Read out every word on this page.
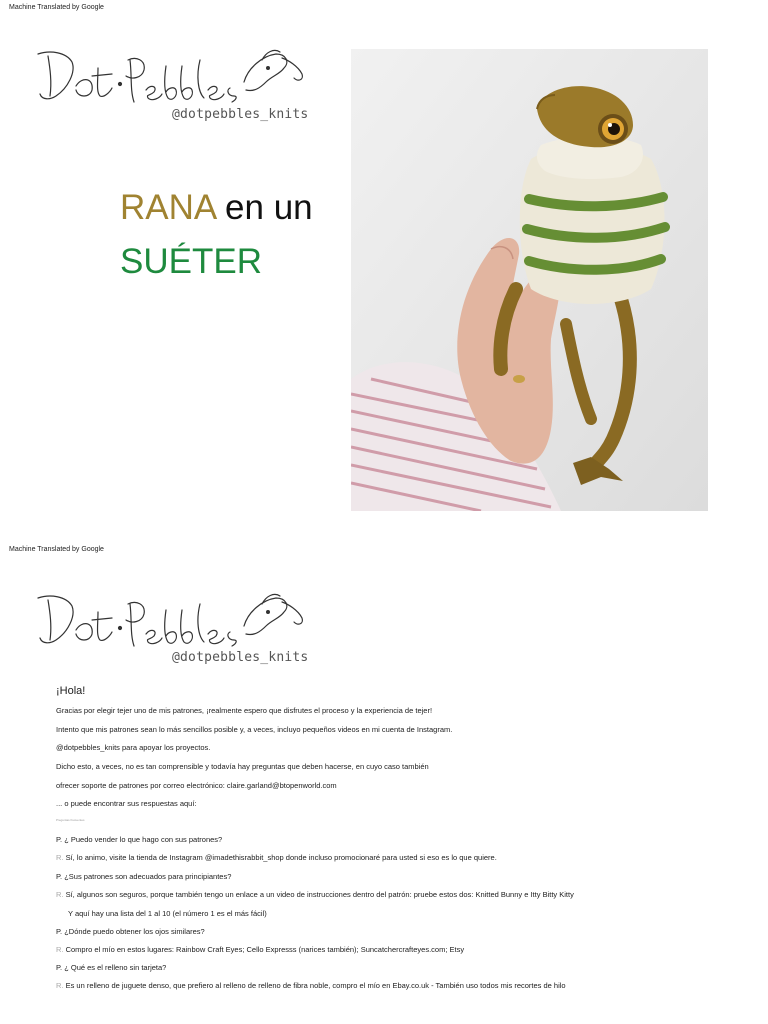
Machine Translated by Google
@dotpebbles_knits
RANA en un
SUÉTER
Machine Translated by Google
@dotpebbles_knits
¡Hola!
Gracias por elegir tejer uno de mis patrones, ¡realmente espero que disfrutes el proceso y la experiencia de tejer!
Intento que mis patrones sean lo más sencillos posible y, a veces, incluyo pequeños videos en mi cuenta de Instagram.
@dotpebbles_knits para apoyar los proyectos.
Dicho esto, a veces, no es tan comprensible y todavía hay preguntas que deben hacerse, en cuyo caso también
ofrecer soporte de patrones por correo electrónico: claire.garland@btopenworld.com
... o puede encontrar sus respuestas aquí:
Preguntas frecuentes
P. ¿ Puedo vender lo que hago con sus patrones?
R. Sí, lo animo, visite la tienda de Instagram @imadethisrabbit_shop donde incluso promocionaré para usted si eso es lo que quiere.
P. ¿Sus patrones son adecuados para principiantes?
R. Sí, algunos son seguros, porque también tengo un enlace a un video de instrucciones dentro del patrón: pruebe estos dos: Knitted Bunny e Itty Bitty Kitty
Y aquí hay una lista del 1 al 10 (el número 1 es el más fácil)
P. ¿Dónde puedo obtener los ojos similares?
R. Compro el mío en estos lugares: Rainbow Craft Eyes; Cello Expresss (narices también); Suncatchercrafteyes.com; Etsy
P. ¿ Qué es el relleno sin tarjeta?
R. Es un relleno de juguete denso, que prefiero al relleno de relleno de fibra noble, compro el mío en Ebay.co.uk - También uso todos mis recortes de hilo
